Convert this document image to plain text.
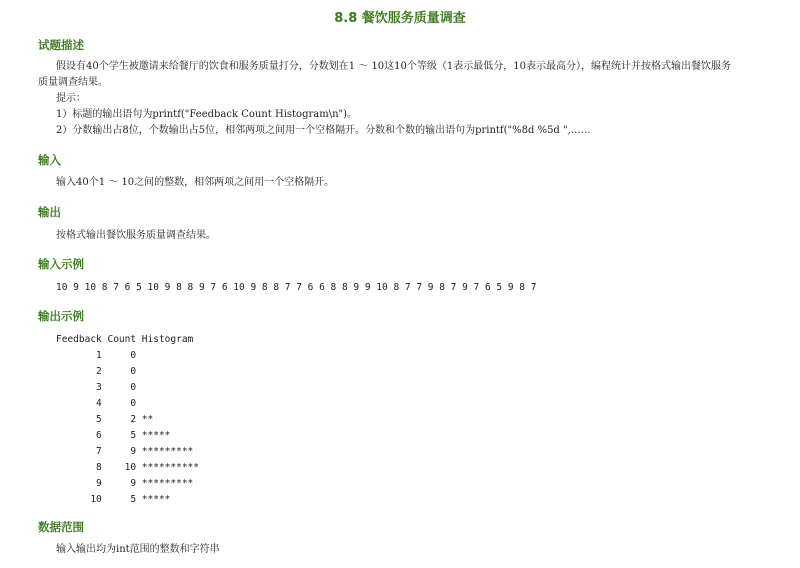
8.8 餐饮服务质量调查
试题描述
假设有40个学生被邀请来给餐厅的饮食和服务质量打分，分数划在1 ～ 10这10个等级（1表示最低分，10表示最高分），编程统计并按格式输出餐饮服务质量调查结果。
提示：
1）标题的输出语句为printf("Feedback Count Histogram\n")。
2）分数输出占8位，个数输出占5位，相邻两项之间用一个空格隔开。分数和个数的输出语句为printf("%8d %5d ",……
输入
输入40个1 ～ 10之间的整数，相邻两项之间用一个空格隔开。
输出
按格式输出餐饮服务质量调查结果。
输入示例
10 9 10 8 7 6 5 10 9 8 8 9 7 6 10 9 8 8 7 7 6 6 8 8 9 9 10 8 7 7 9 8 7 9 7 6 5 9 8 7
输出示例
Feedback Count Histogram
1     0
2     0
3     0
4     0
5     2 **
6     5 *****
7     9 *********
8    10 **********
9     9 *********
10     5 *****
数据范围
输入输出均为int范围的整数和字符串
